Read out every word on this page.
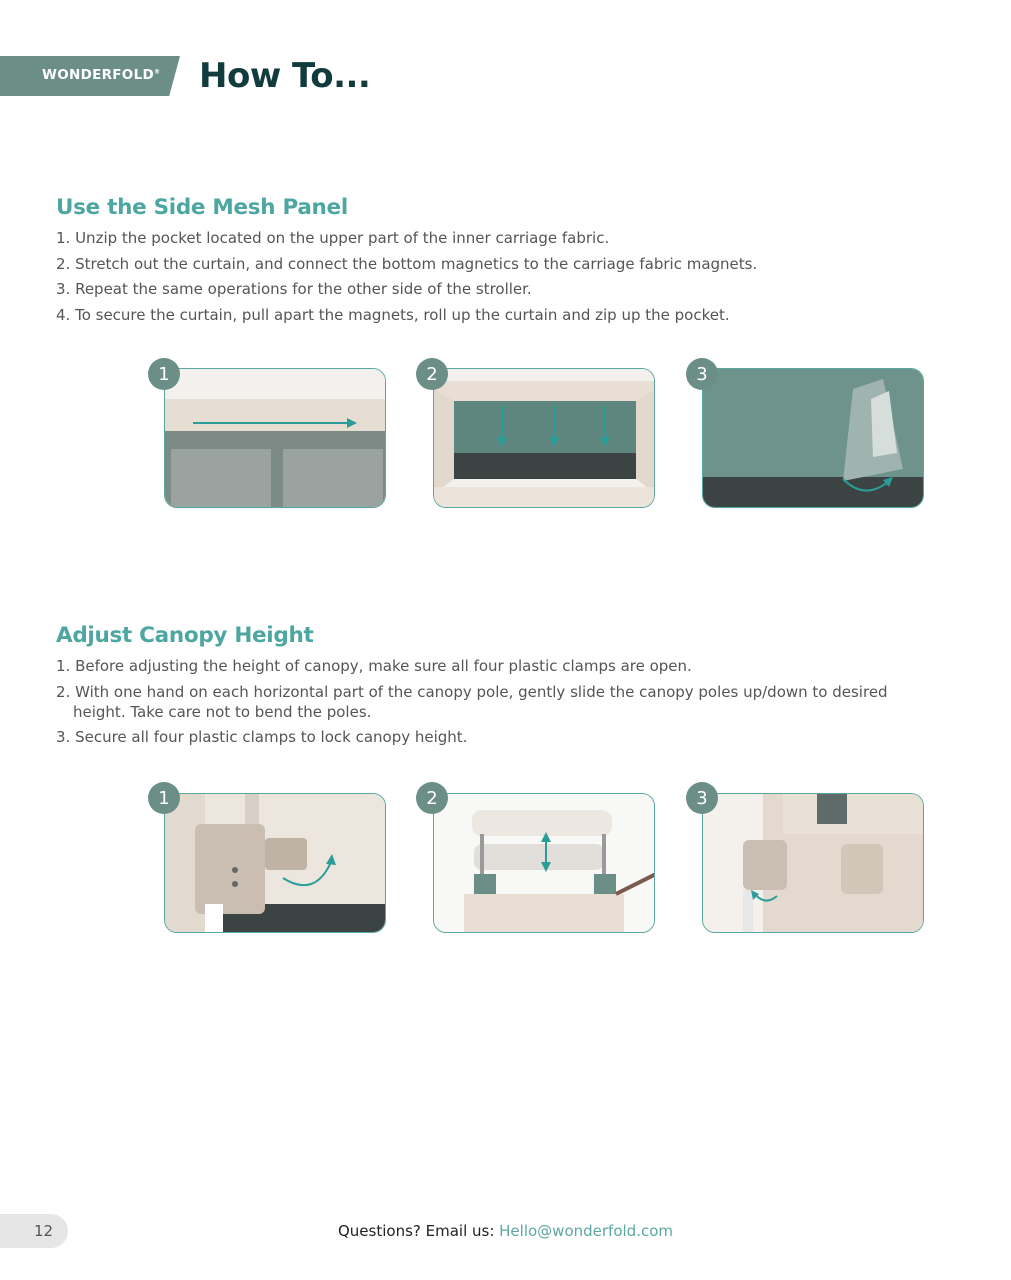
WONDERFOLD® How To...
Use the Side Mesh Panel
1. Unzip the pocket located on the upper part of the inner carriage fabric.
2. Stretch out the curtain, and connect the bottom magnetics to the carriage fabric magnets.
3. Repeat the same operations for the other side of the stroller.
4. To secure the curtain, pull apart the magnets, roll up the curtain and zip up the pocket.
1	2	3
Adjust Canopy Height
1. Before adjusting the height of canopy, make sure all four plastic clamps are open.
2. With one hand on each horizontal part of the canopy pole, gently slide the canopy poles up/down to desired height. Take care not to bend the poles.
3. Secure all four plastic clamps to lock canopy height.
1	2	3
12	Questions? Email us: Hello@wonderfold.com
